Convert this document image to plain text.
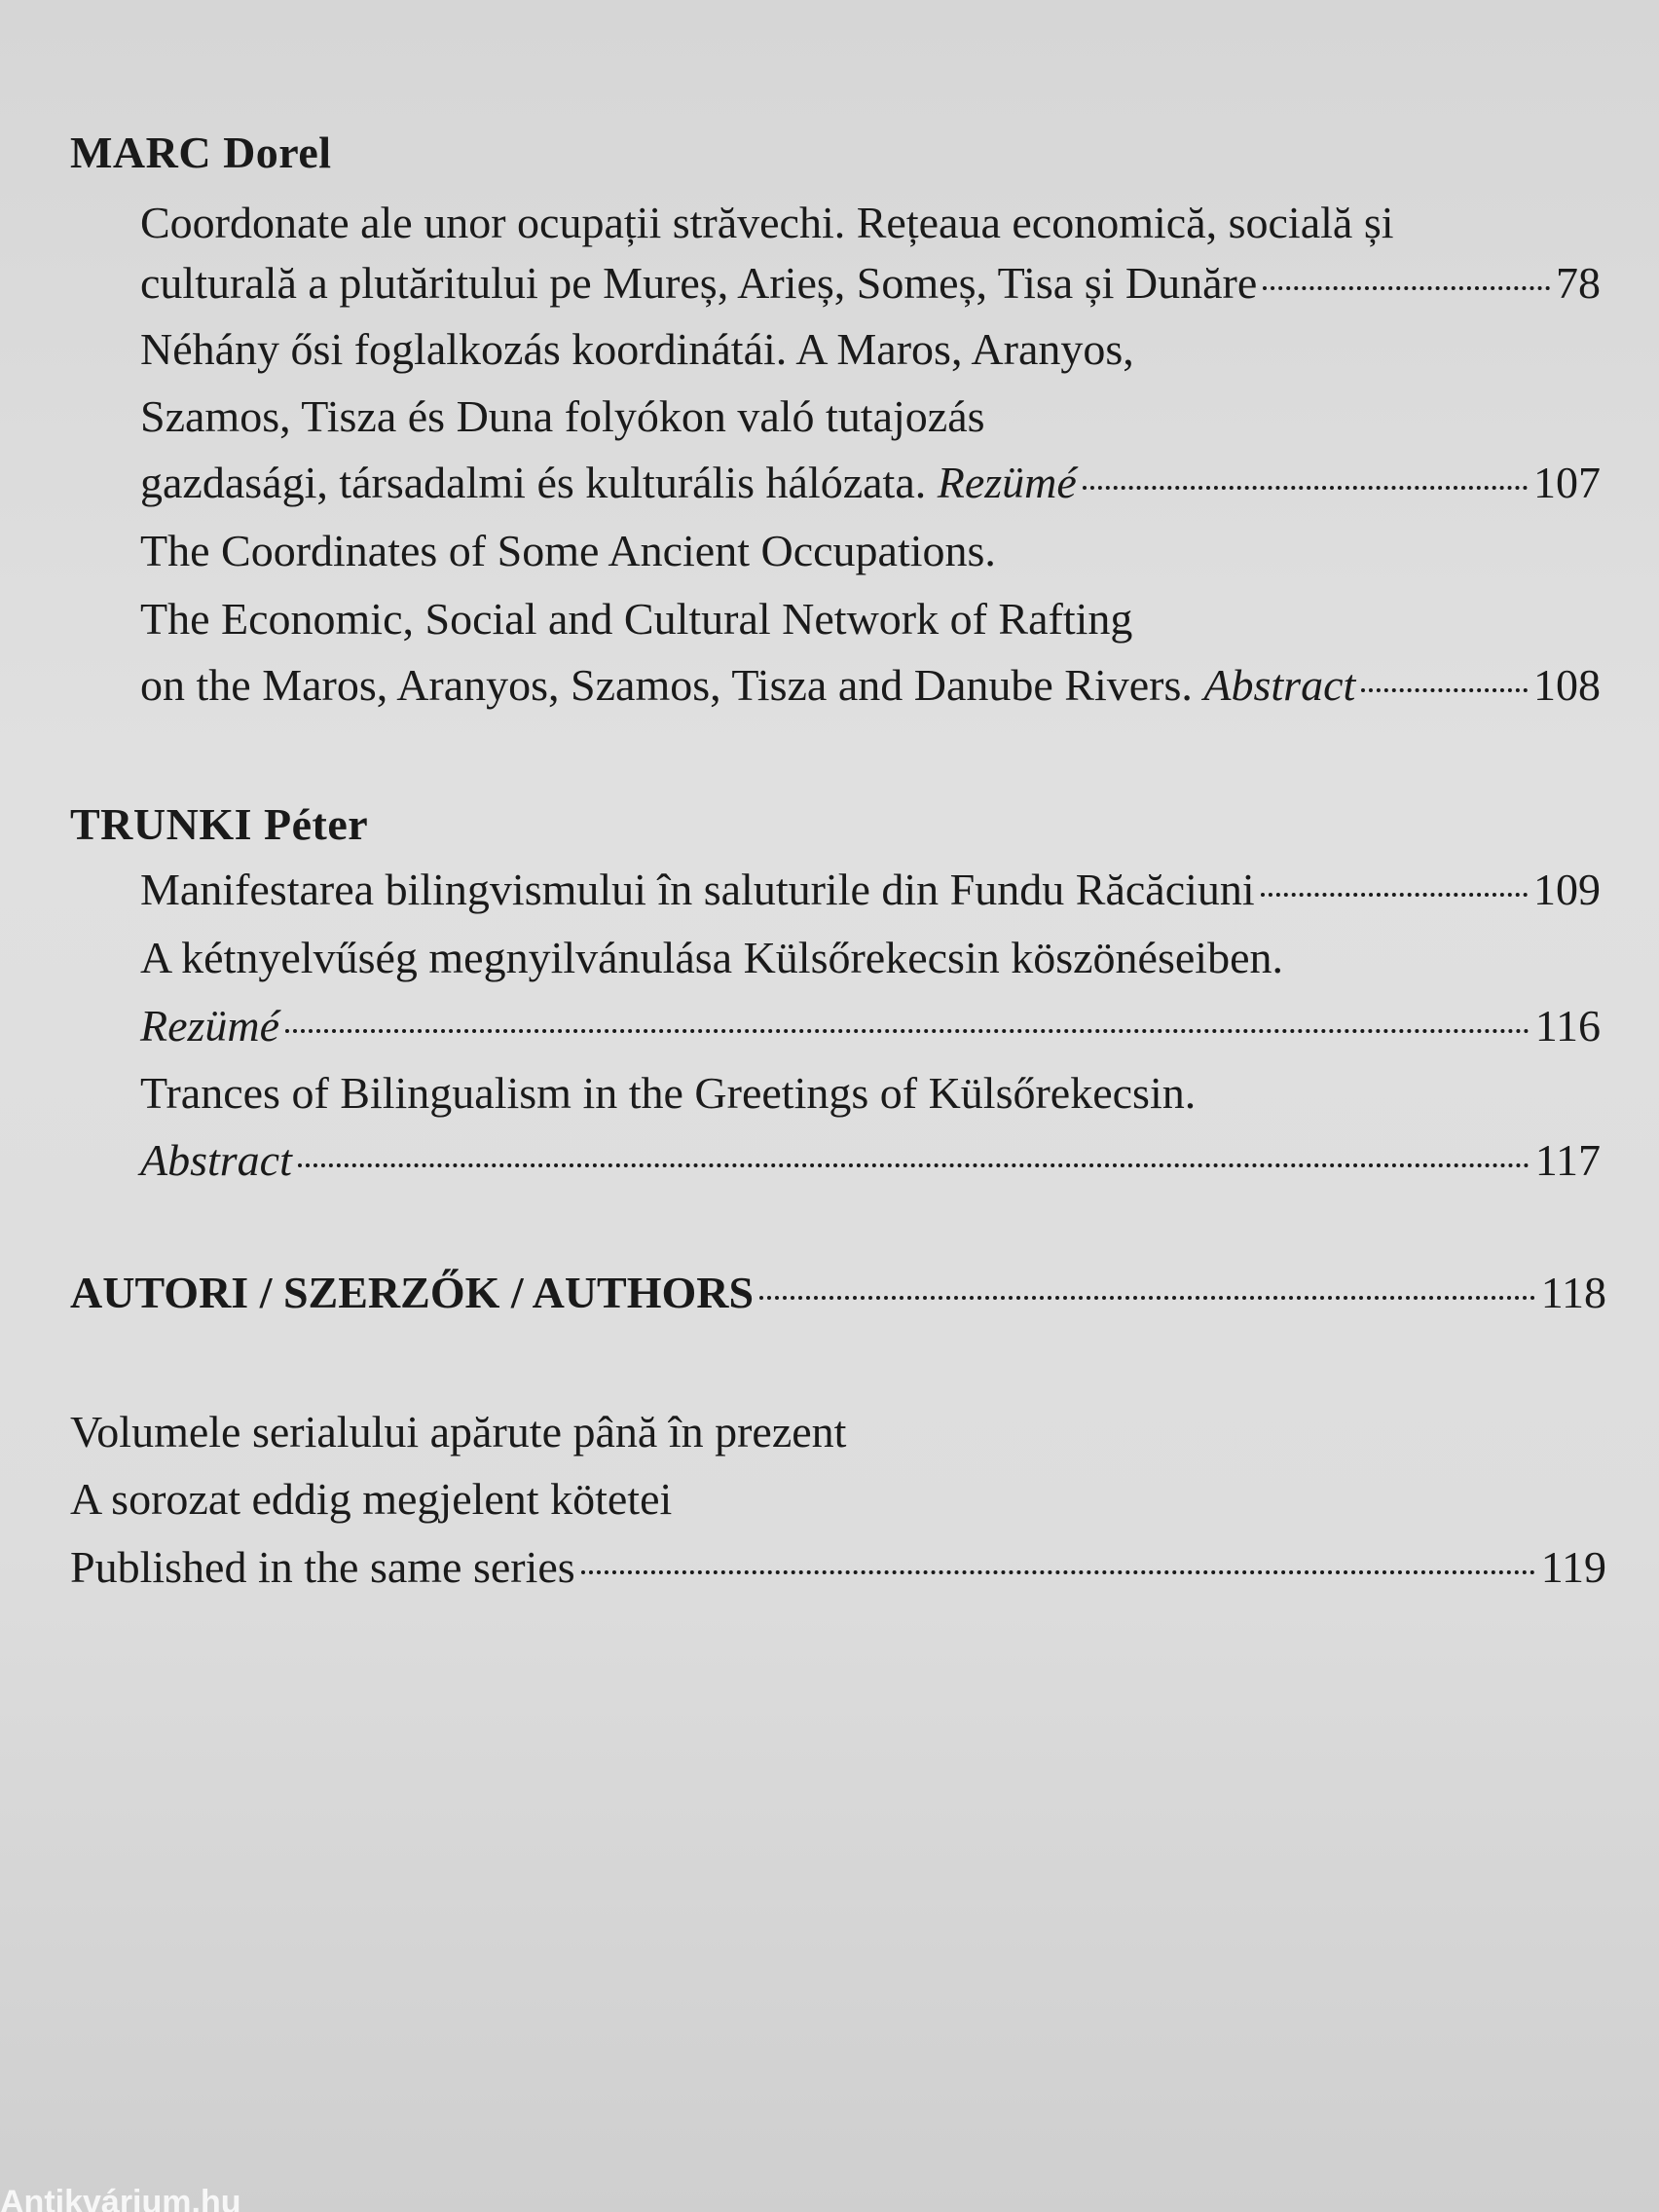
MARC Dorel
Coordonate ale unor ocupații străvechi. Rețeaua economică, socială și
culturală a plutăritului pe Mureș, Arieș, Someș, Tisa și Dunăre	78
Néhány ősi foglalkozás koordinátái. A Maros, Aranyos,
Szamos, Tisza és Duna folyókon való tutajozás
gazdasági, társadalmi és kulturális hálózata. Rezümé	107
The Coordinates of Some Ancient Occupations.
The Economic, Social and Cultural Network of Rafting
on the Maros, Aranyos, Szamos, Tisza and Danube Rivers. Abstract	108
TRUNKI Péter
Manifestarea bilingvismului în saluturile din Fundu Răcăciuni	109
A kétnyelvűség megnyilvánulása Külsőrekecsin köszönéseiben.
Rezümé	116
Trances of Bilingualism in the Greetings of Külsőrekecsin.
Abstract	117
AUTORI / SZERZŐK / AUTHORS	118
Volumele serialului apărute până în prezent
A sorozat eddig megjelent kötetei
Published in the same series	119
Antikvárium.hu
